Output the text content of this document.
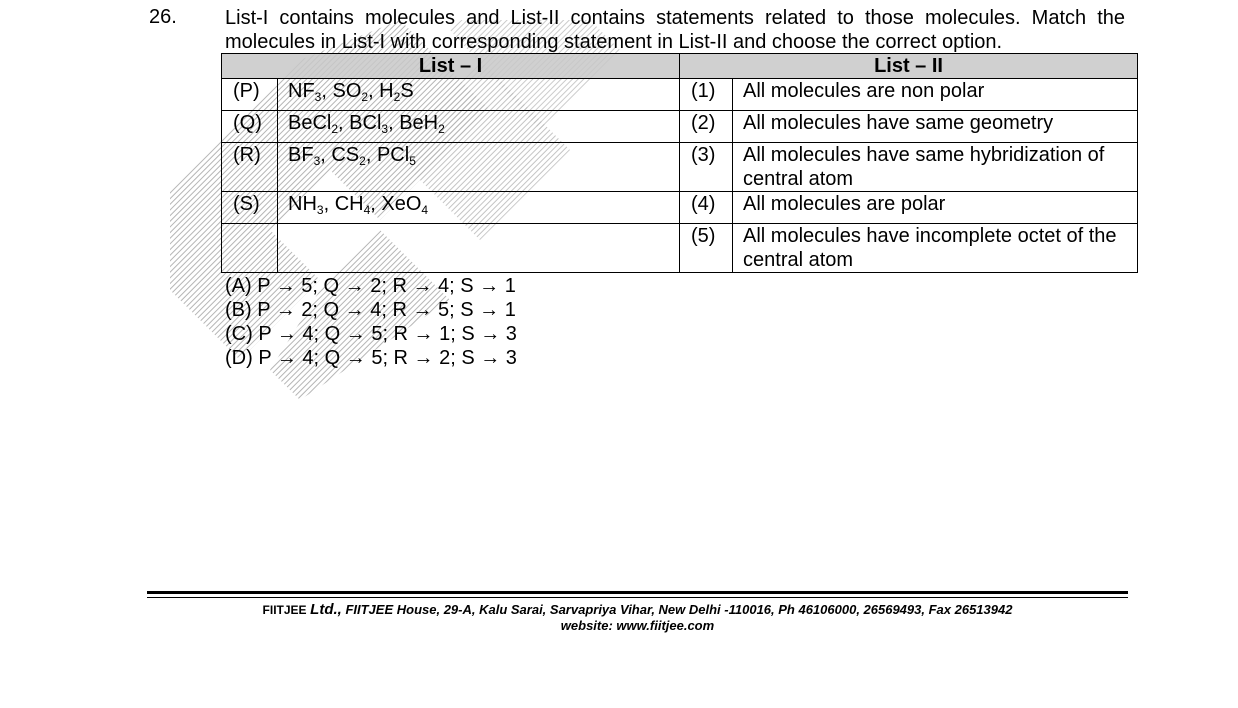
26. List-I contains molecules and List-II contains statements related to those molecules. Match the
molecules in List-I with corresponding statement in List-II and choose the correct option.
List – I		List – II	
(P)	$NF_3$, $SO_2$, $H_2S$	(1)	All molecules are non polar
(Q)	BeCl$_2$, BCl$_3$, BeH$_2$	(2)	All molecules have same geometry
(R)	$BF_3$, $CS_2$, PCl$_5$	(3)	All molecules have same hybridization of central atom
(S)	$NH_3$, $CH_4$, XeO$_4$	(4)	All molecules are polar
		(5)	All molecules have incomplete octet of the central atom
(A) P → 5; Q → 2; R → 4; S → 1
(B) P → 2; Q → 4; R → 5; S → 1
(C) P → 4; Q → 5; R → 1; S → 3
(D) P → 4; Q → 5; R → 2; S → 3
FIITJEE Ltd., FIITJEE House, 29-A, Kalu Sarai, Sarvapriya Vihar, New Delhi -110016, Ph 46106000, 26569493, Fax 26513942
website: www.fiitjee.com
